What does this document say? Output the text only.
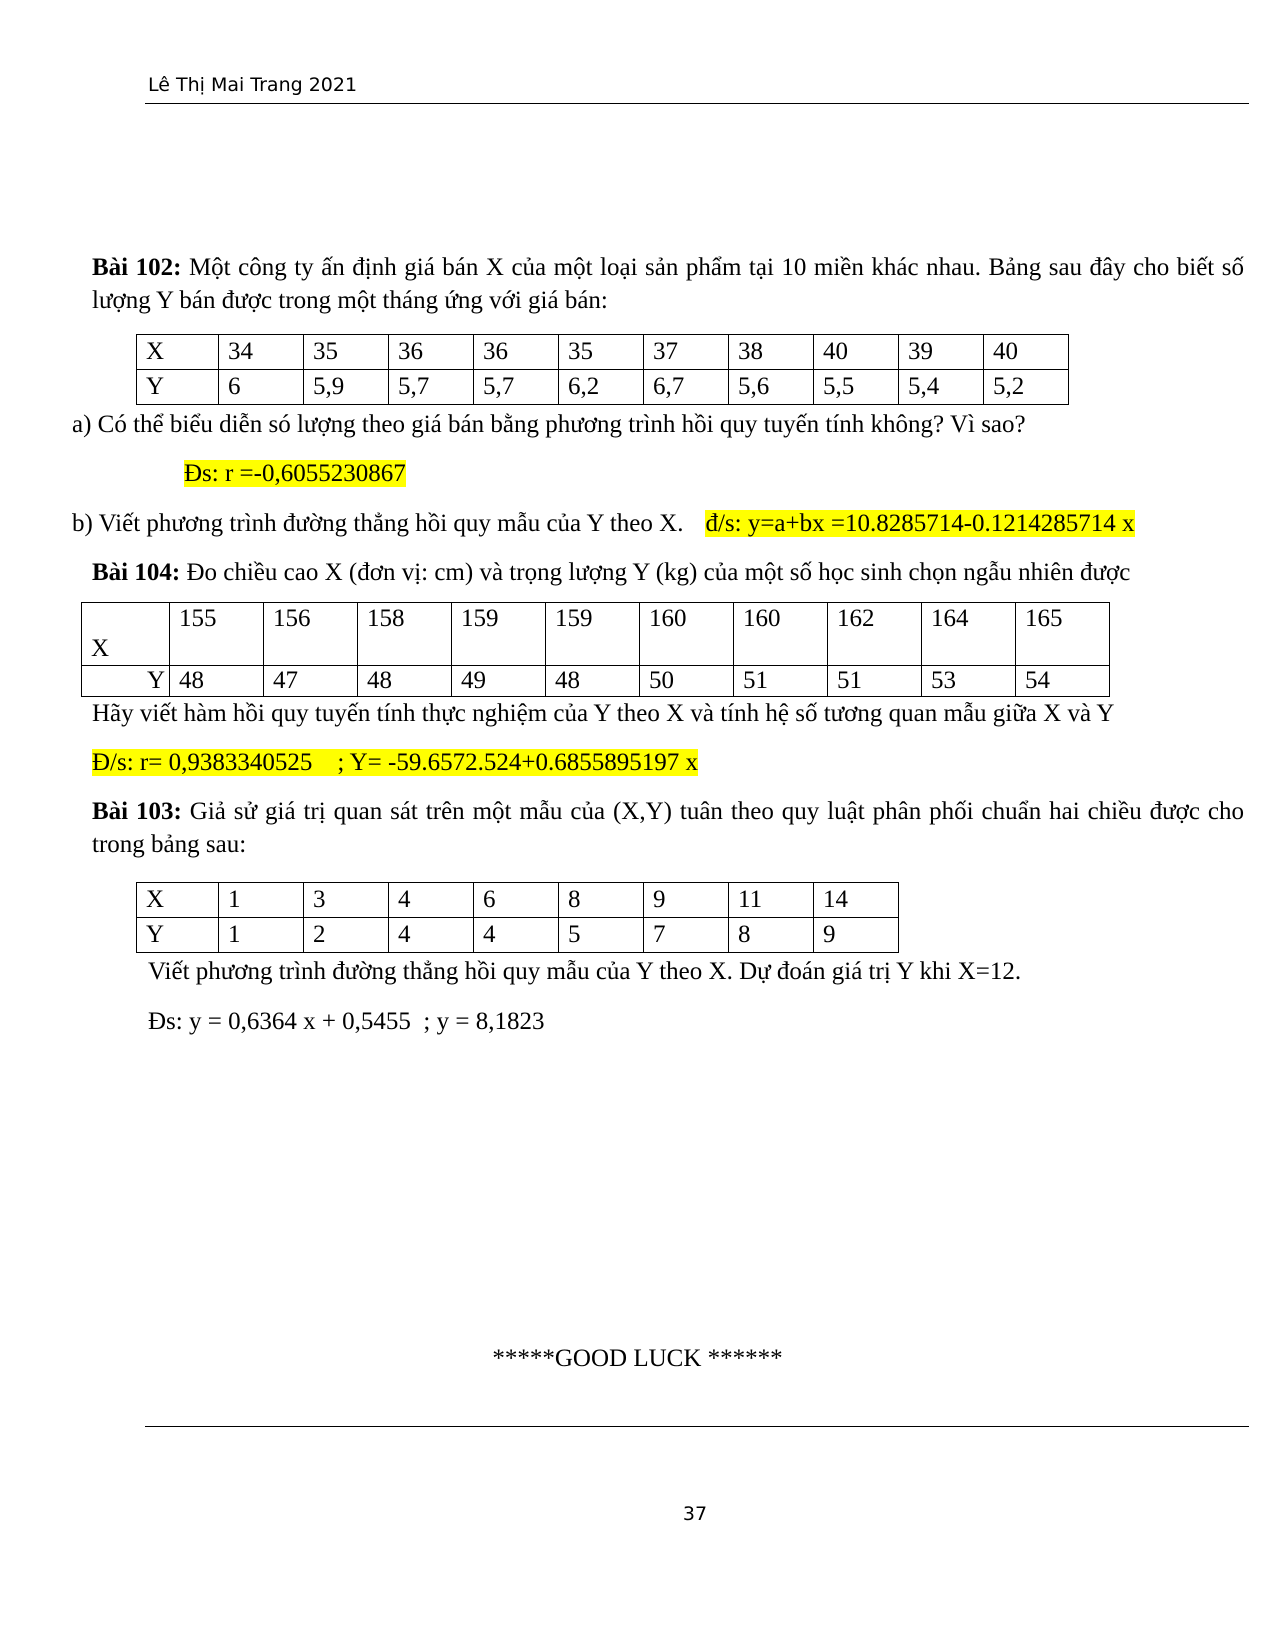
Lê Thị Mai Trang 2021

Bài 102: Một công ty ấn định giá bán X của một loại sản phẩm tại 10 miền khác nhau. Bảng sau đây cho biết số lượng Y bán được trong một tháng ứng với giá bán:

X	34	35	36	36	35	37	38	40	39	40
Y	6	5,9	5,7	5,7	6,2	6,7	5,6	5,5	5,4	5,2

a) Có thể biểu diễn só lượng theo giá bán bằng phương trình hồi quy tuyến tính không? Vì sao?

Đs: r =-0,6055230867

b) Viết phương trình đường thẳng hồi quy mẫu của Y theo X. đ/s: y=a+bx =10.8285714-0.1214285714 x

Bài 104: Đo chiều cao X (đơn vị: cm) và trọng lượng Y (kg) của một số học sinh chọn ngẫu nhiên được

X	155	156	158	159	159	160	160	162	164	165
Y	48	47	48	49	48	50	51	51	53	54

Hãy viết hàm hồi quy tuyến tính thực nghiệm của Y theo X và tính hệ số tương quan mẫu giữa X và Y

Đ/s: r= 0,9383340525    ; Y= -59.6572.524+0.6855895197 x

Bài 103: Giả sử giá trị quan sát trên một mẫu của (X,Y) tuân theo quy luật phân phối chuẩn hai chiều được cho trong bảng sau:

X	1	3	4	6	8	9	11	14
Y	1	2	4	4	5	7	8	9

Viết phương trình đường thẳng hồi quy mẫu của Y theo X. Dự đoán giá trị Y khi X=12.

Đs: y = 0,6364 x + 0,5455  ; y = 8,1823

*****GOOD LUCK ******
37
